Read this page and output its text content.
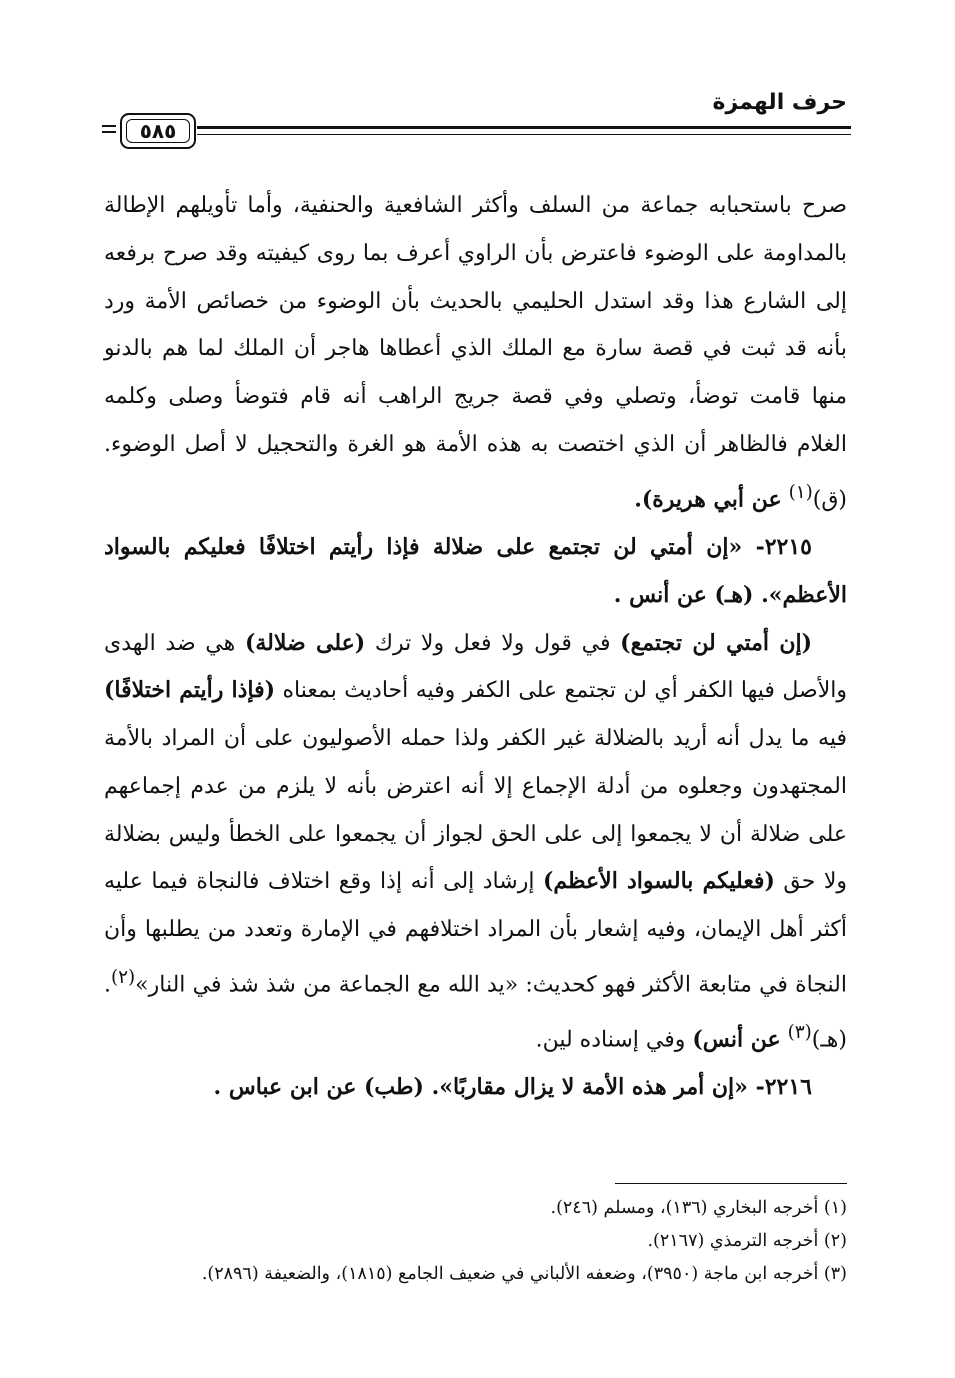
حرف الهمزة
٥٨٥

صرح باستحبابه جماعة من السلف وأكثر الشافعية والحنفية، وأما تأويلهم الإطالة بالمداومة على الوضوء فاعترض بأن الراوي أعرف بما روى كيفيته وقد صرح برفعه إلى الشارع هذا وقد استدل الحليمي بالحديث بأن الوضوء من خصائص الأمة ورد بأنه قد ثبت في قصة سارة مع الملك الذي أعطاها هاجر أن الملك لما هم بالدنو منها قامت توضأ، وتصلي وفي قصة جريج الراهب أنه قام فتوضأ وصلى وكلمه الغلام فالظاهر أن الذي اختصت به هذه الأمة هو الغرة والتحجيل لا أصل الوضوء. (ق)$^{(١)}$ عن أبي هريرة).

٢٢١٥- «إن أمتي لن تجتمع على ضلالة فإذا رأيتم اختلافًا فعليكم بالسواد الأعظم». (هـ) عن أنس .

(إن أمتي لن تجتمع) في قول ولا فعل ولا ترك (على ضلالة) هي ضد الهدى والأصل فيها الكفر أي لن تجتمع على الكفر وفيه أحاديث بمعناه (فإذا رأيتم اختلافًا) فيه ما يدل أنه أريد بالضلالة غير الكفر ولذا حمله الأصوليون على أن المراد بالأمة المجتهدون وجعلوه من أدلة الإجماع إلا أنه اعترض بأنه لا يلزم من عدم إجماعهم على ضلالة أن لا يجمعوا إلى على الحق لجواز أن يجمعوا على الخطأ وليس بضلالة ولا حق (فعليكم بالسواد الأعظم) إرشاد إلى أنه إذا وقع اختلاف فالنجاة فيما عليه أكثر أهل الإيمان، وفيه إشعار بأن المراد اختلافهم في الإمارة وتعدد من يطلبها وأن النجاة في متابعة الأكثر فهو كحديث: «يد الله مع الجماعة من شذ شذ في النار»$^{(٢)}$. (هـ)$^{(٣)}$ عن أنس) وفي إسناده لين.

٢٢١٦- «إن أمر هذه الأمة لا يزال مقاربًا». (طب) عن ابن عباس .

(١) أخرجه البخاري (١٣٦)، ومسلم (٢٤٦).

(٢) أخرجه الترمذي (٢١٦٧).

(٣) أخرجه ابن ماجة (٣٩٥٠)، وضعفه الألباني في ضعيف الجامع (١٨١٥)، والضعيفة (٢٨٩٦).
